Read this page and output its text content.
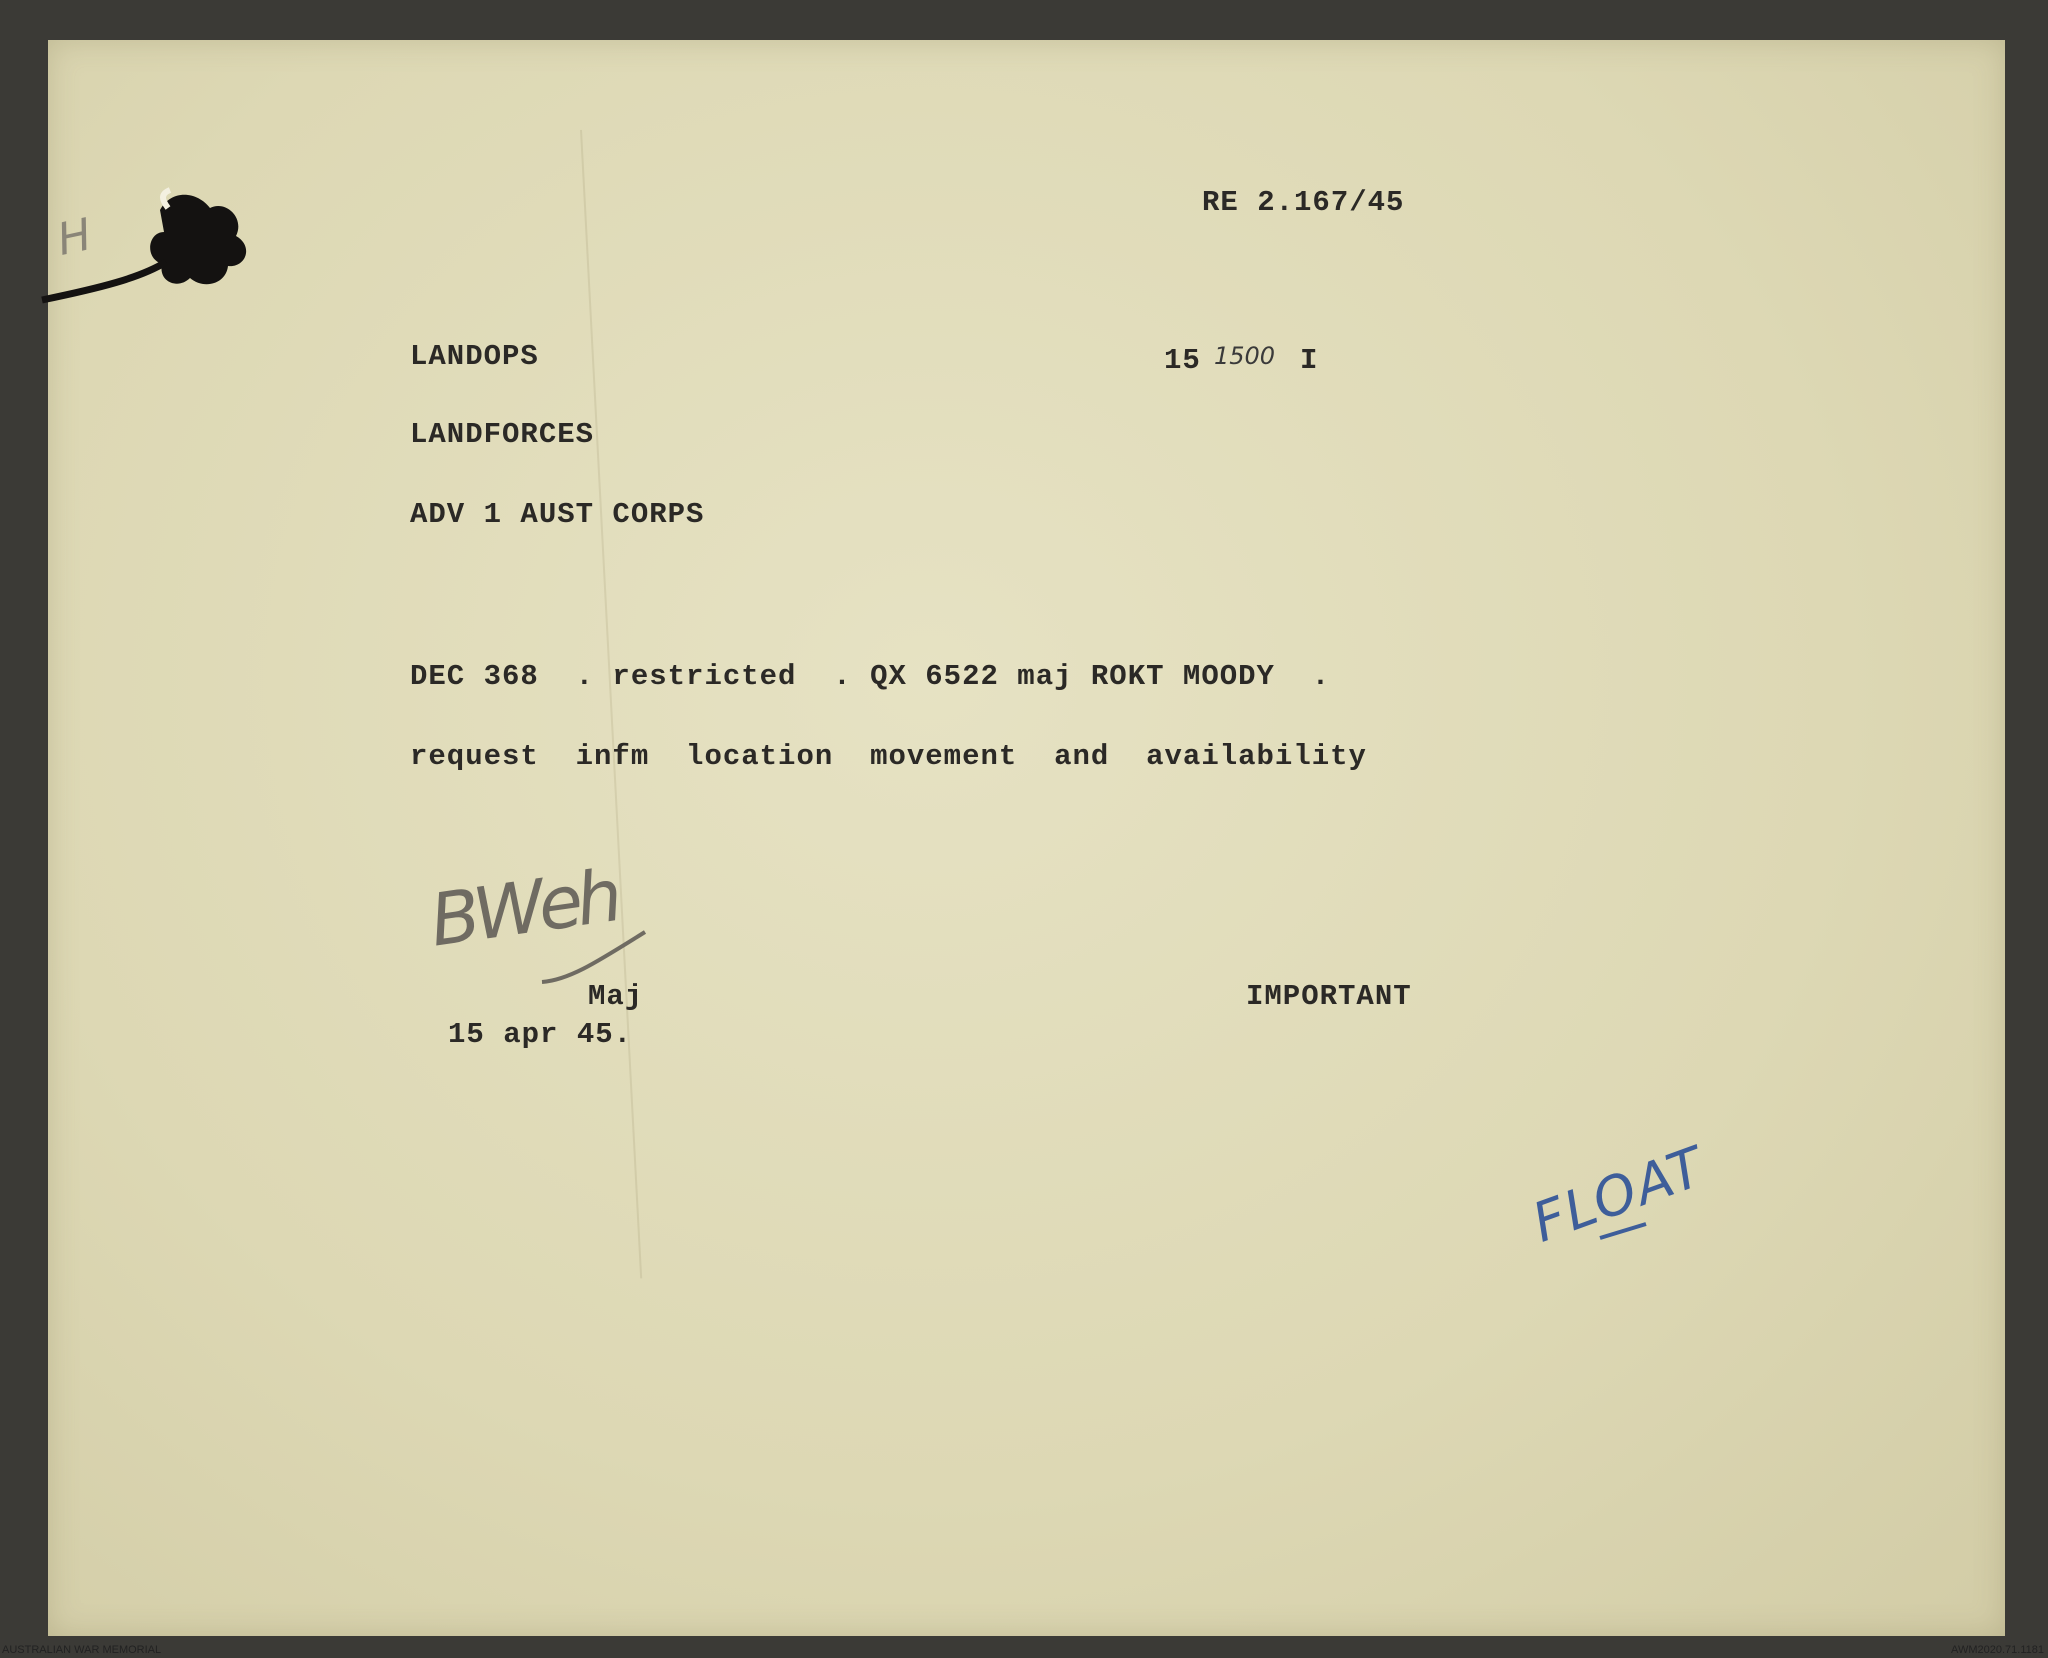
H
RE 2.167/45
LANDOPS
LANDFORCES
ADV 1 AUST CORPS
15 1500 I
DEC 368  . restricted  . QX 6522 maj ROKT MOODY  .
request  infm  location  movement  and  availability
BWeh
Maj
15 apr 45.
IMPORTANT
FLOAT
AUSTRALIAN WAR MEMORIAL	AWM2020.71.1181
